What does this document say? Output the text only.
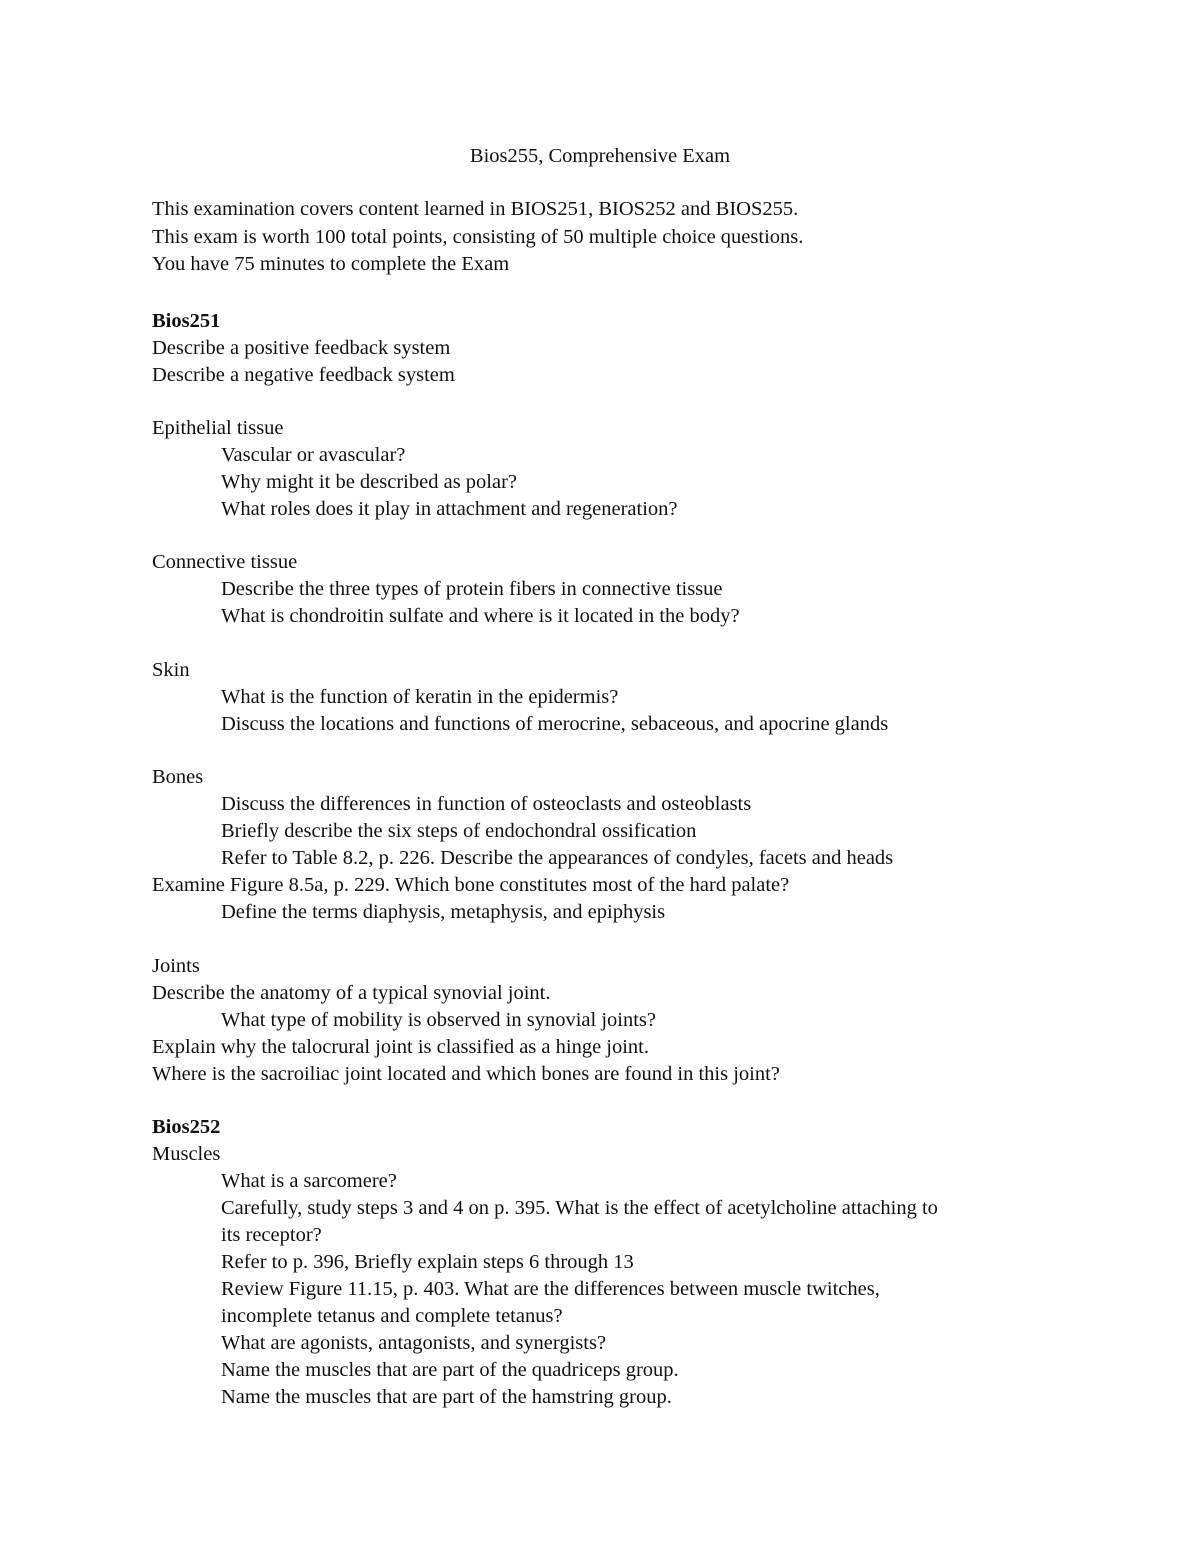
Bios255, Comprehensive Exam
This examination covers content learned in BIOS251, BIOS252 and BIOS255.
This exam is worth 100 total points, consisting of 50 multiple choice questions.
You have 75 minutes to complete the Exam
Bios251
Describe a positive feedback system
Describe a negative feedback system
Epithelial tissue
Vascular or avascular?
Why might it be described as polar?
What roles does it play in attachment and regeneration?
Connective tissue
Describe the three types of protein fibers in connective tissue
What is chondroitin sulfate and where is it located in the body?
Skin
What is the function of keratin in the epidermis?
Discuss the locations and functions of merocrine, sebaceous, and apocrine glands
Bones
Discuss the differences in function of osteoclasts and osteoblasts
Briefly describe the six steps of endochondral ossification
Refer to Table 8.2, p. 226. Describe the appearances of condyles, facets and heads
Examine Figure 8.5a, p. 229. Which bone constitutes most of the hard palate?
Define the terms diaphysis, metaphysis, and epiphysis
Joints
Describe the anatomy of a typical synovial joint.
What type of mobility is observed in synovial joints?
Explain why the talocrural joint is classified as a hinge joint.
Where is the sacroiliac joint located and which bones are found in this joint?
Bios252
Muscles
What is a sarcomere?
Carefully, study steps 3 and 4 on p. 395. What is the effect of acetylcholine attaching to
its receptor?
Refer to p. 396, Briefly explain steps 6 through 13
Review Figure 11.15, p. 403. What are the differences between muscle twitches,
incomplete tetanus and complete tetanus?
What are agonists, antagonists, and synergists?
Name the muscles that are part of the quadriceps group.
Name the muscles that are part of the hamstring group.
